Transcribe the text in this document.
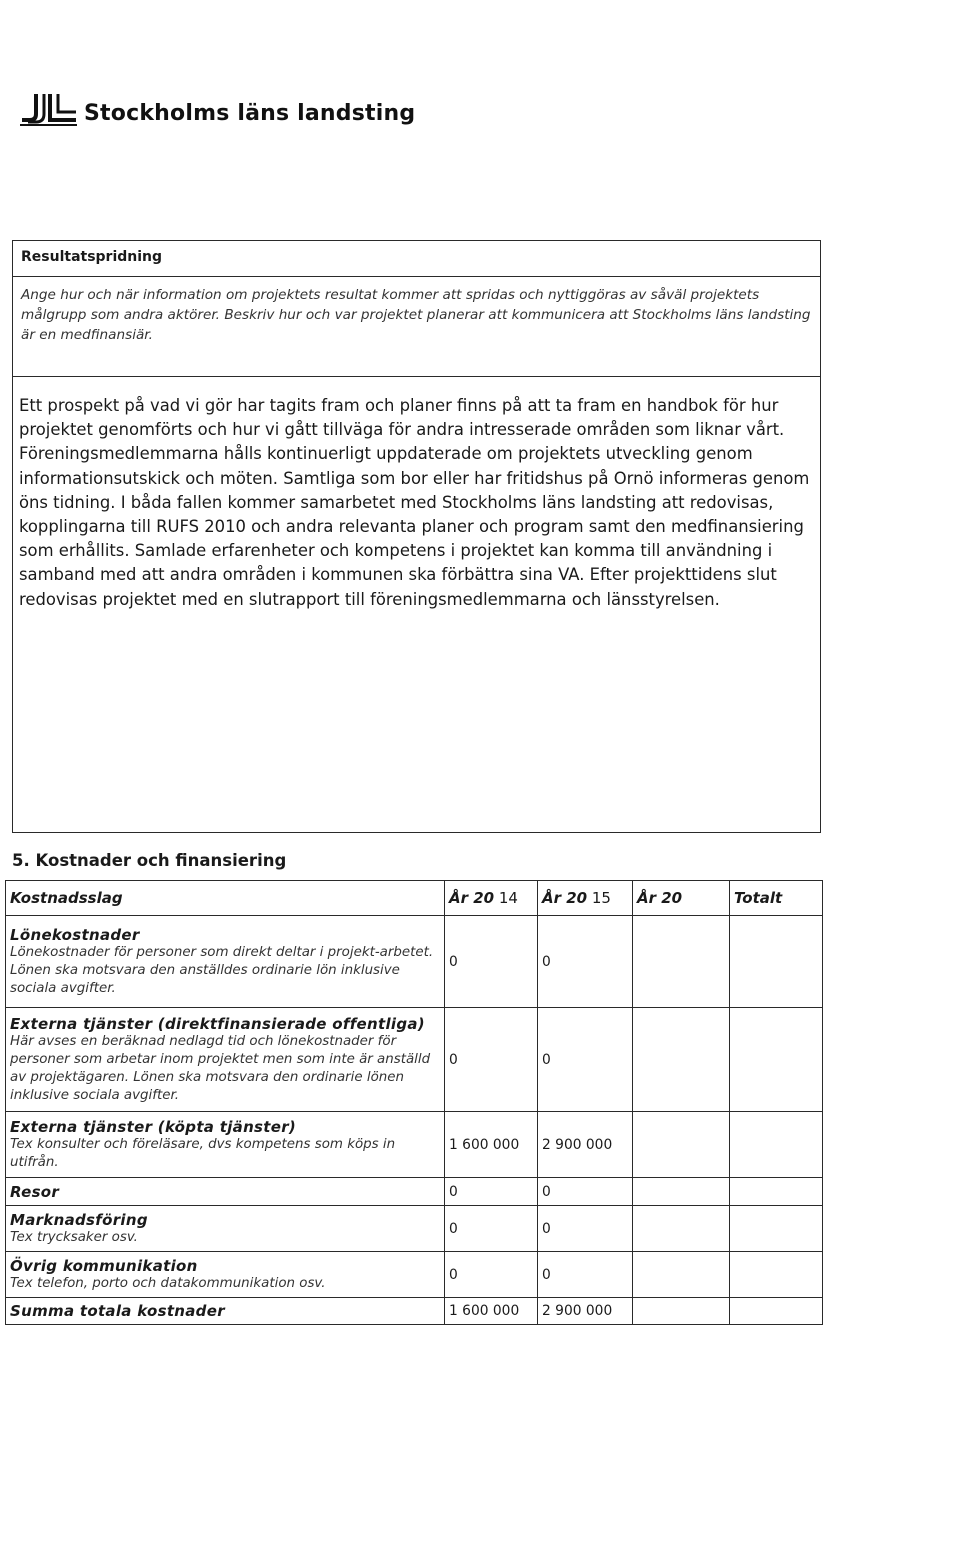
Stockholms läns landsting
Resultatspridning
Ange hur och när information om projektets resultat kommer att spridas och nyttiggöras av såväl projektets målgrupp som andra aktörer. Beskriv hur och var projektet planerar att kommunicera att Stockholms läns landsting är en medfinansiär.
Ett prospekt på vad vi gör har tagits fram och planer finns på att ta fram en handbok för hur projektet genomförts och hur vi gått tillväga för andra intresserade områden som liknar vårt. Föreningsmedlemmarna hålls kontinuerligt uppdaterade om projektets utveckling genom informationsutskick och möten. Samtliga som bor eller har fritidshus på Ornö informeras genom öns tidning. I båda fallen kommer samarbetet med Stockholms läns landsting att redovisas, kopplingarna till RUFS 2010 och andra relevanta planer och program samt den medfinansiering som erhållits. Samlade erfarenheter och kompetens i projektet kan komma till användning i samband med att andra områden i kommunen ska förbättra sina VA. Efter projekttidens slut redovisas projektet med en slutrapport till föreningsmedlemmarna och länsstyrelsen.
5. Kostnader och finansiering
Kostnadsslag	År 20 14	År 20 15	År 20	Totalt

Lönekostnader
Lönekostnader för personer som direkt deltar i projekt-arbetet. Lönen ska motsvara den anställdes ordinarie lön inklusive sociala avgifter.	0	0		

Externa tjänster (direktfinansierade offentliga)
Här avses en beräknad nedlagd tid och lönekostnader för personer som arbetar inom projektet men som inte är anställd av projektägaren. Lönen ska motsvara den ordinarie lönen inklusive sociala avgifter.	0	0		

Externa tjänster (köpta tjänster)
Tex konsulter och föreläsare, dvs kompetens som köps in utifrån.	1 600 000	2 900 000		

Resor	0	0		

Marknadsföring
Tex trycksaker osv.	0	0		

Övrig kommunikation
Tex telefon, porto och datakommunikation osv.	0	0		

Summa totala kostnader	1 600 000	2 900 000		
